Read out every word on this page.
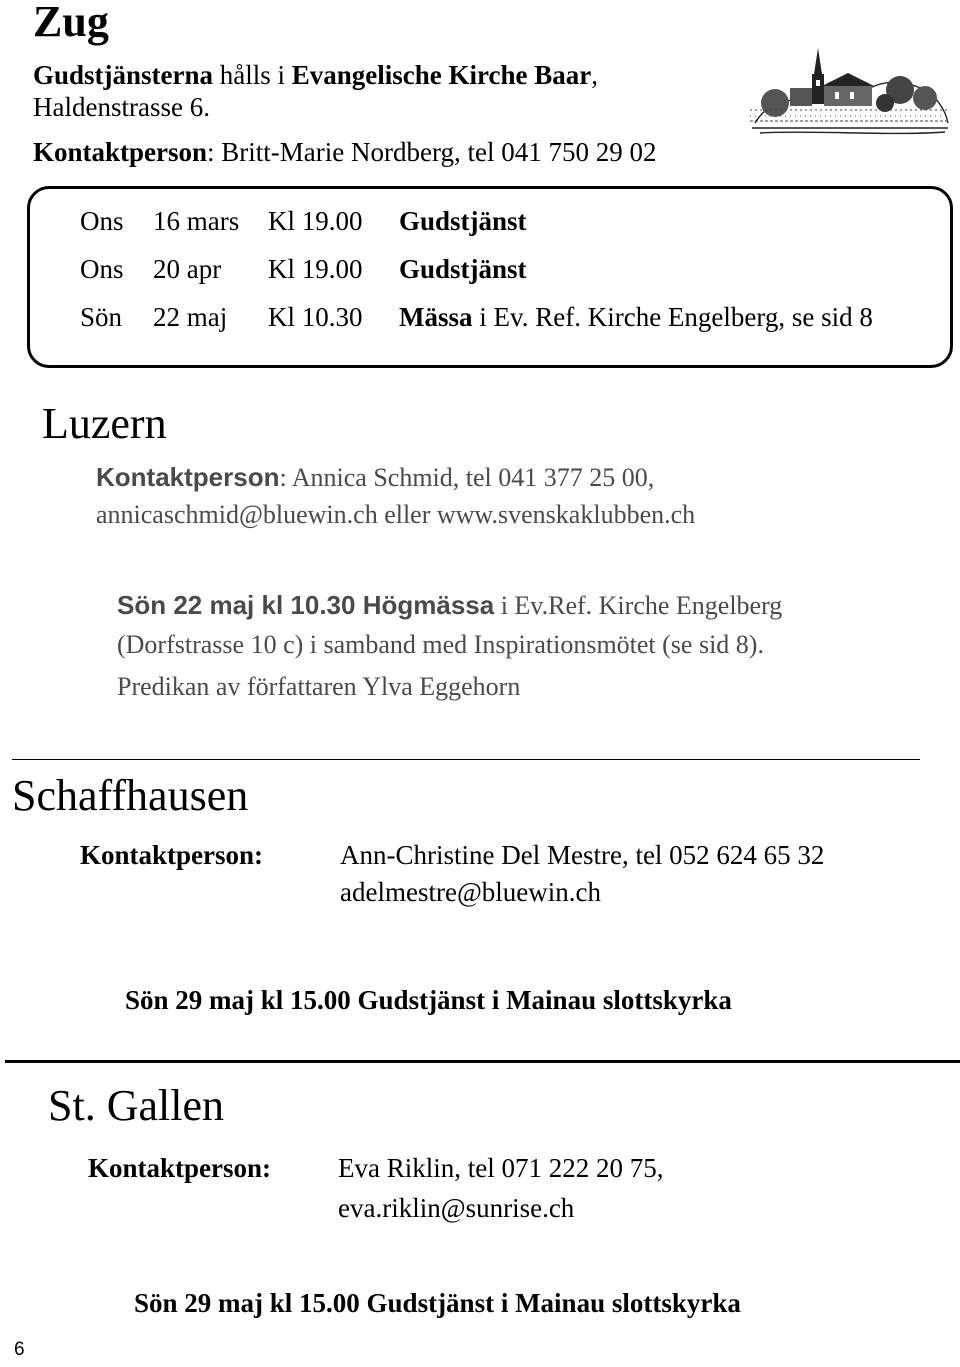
Zug
Gudstjänsterna hålls i Evangelische Kirche Baar,
Haldenstrasse 6.
Kontaktperson: Britt-Marie Nordberg, tel 041 750 29 02
Ons 16 mars Kl 19.00 Gudstjänst
Ons 20 apr Kl 19.00 Gudstjänst
Sön 22 maj Kl 10.30 Mässa i Ev. Ref. Kirche Engelberg, se sid 8
Luzern
Kontaktperson: Annica Schmid, tel 041 377 25 00,
annicaschmid@bluewin.ch eller www.svenskaklubben.ch
Sön 22 maj kl 10.30 Högmässa i Ev.Ref. Kirche Engelberg
(Dorfstrasse 10 c) i samband med Inspirationsmötet (se sid 8).
Predikan av författaren Ylva Eggehorn
Schaffhausen
Kontaktperson:	Ann-Christine Del Mestre, tel 052 624 65 32
adelmestre@bluewin.ch
Sön 29 maj kl 15.00 Gudstjänst i Mainau slottskyrka
St. Gallen
Kontaktperson: Eva Riklin, tel 071 222 20 75,
eva.riklin@sunrise.ch
Sön 29 maj kl 15.00 Gudstjänst i Mainau slottskyrka
6
